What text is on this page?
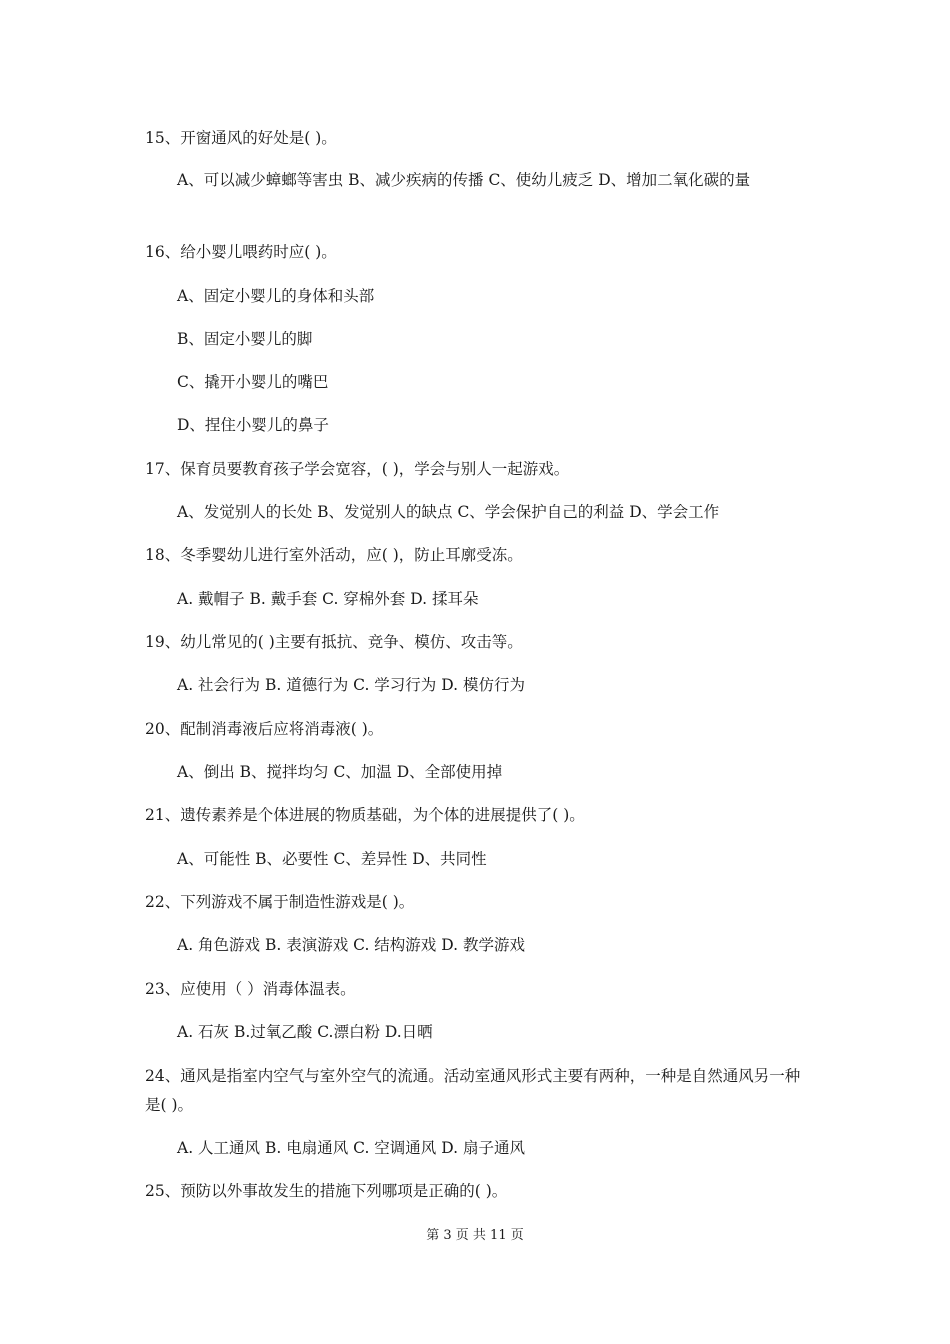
15、开窗通风的好处是( )。
A、可以减少蟑螂等害虫 B、减少疾病的传播 C、使幼儿疲乏 D、增加二氧化碳的量
16、给小婴儿喂药时应( )。
A、固定小婴儿的身体和头部
B、固定小婴儿的脚
C、撬开小婴儿的嘴巴
D、捏住小婴儿的鼻子
17、保育员要教育孩子学会宽容，( )，学会与别人一起游戏。
A、发觉别人的长处 B、发觉别人的缺点 C、学会保护自己的利益 D、学会工作
18、冬季婴幼儿进行室外活动，应( )，防止耳廓受冻。
A. 戴帽子 B. 戴手套 C. 穿棉外套 D. 揉耳朵
19、幼儿常见的( )主要有抵抗、竞争、模仿、攻击等。
A. 社会行为 B. 道德行为 C. 学习行为 D. 模仿行为
20、配制消毒液后应将消毒液( )。
A、倒出 B、搅拌均匀 C、加温 D、全部使用掉
21、遗传素养是个体进展的物质基础，为个体的进展提供了( )。
A、可能性 B、必要性 C、差异性 D、共同性
22、下列游戏不属于制造性游戏是( )。
A. 角色游戏 B. 表演游戏 C. 结构游戏 D. 教学游戏
23、应使用（ ）消毒体温表。
A. 石灰 B.过氧乙酸 C.漂白粉 D.日晒
24、通风是指室内空气与室外空气的流通。活动室通风形式主要有两种，一种是自然通风另一种是( )。
A. 人工通风 B. 电扇通风 C. 空调通风 D. 扇子通风
25、预防以外事故发生的措施下列哪项是正确的( )。
第 3 页 共 11 页
